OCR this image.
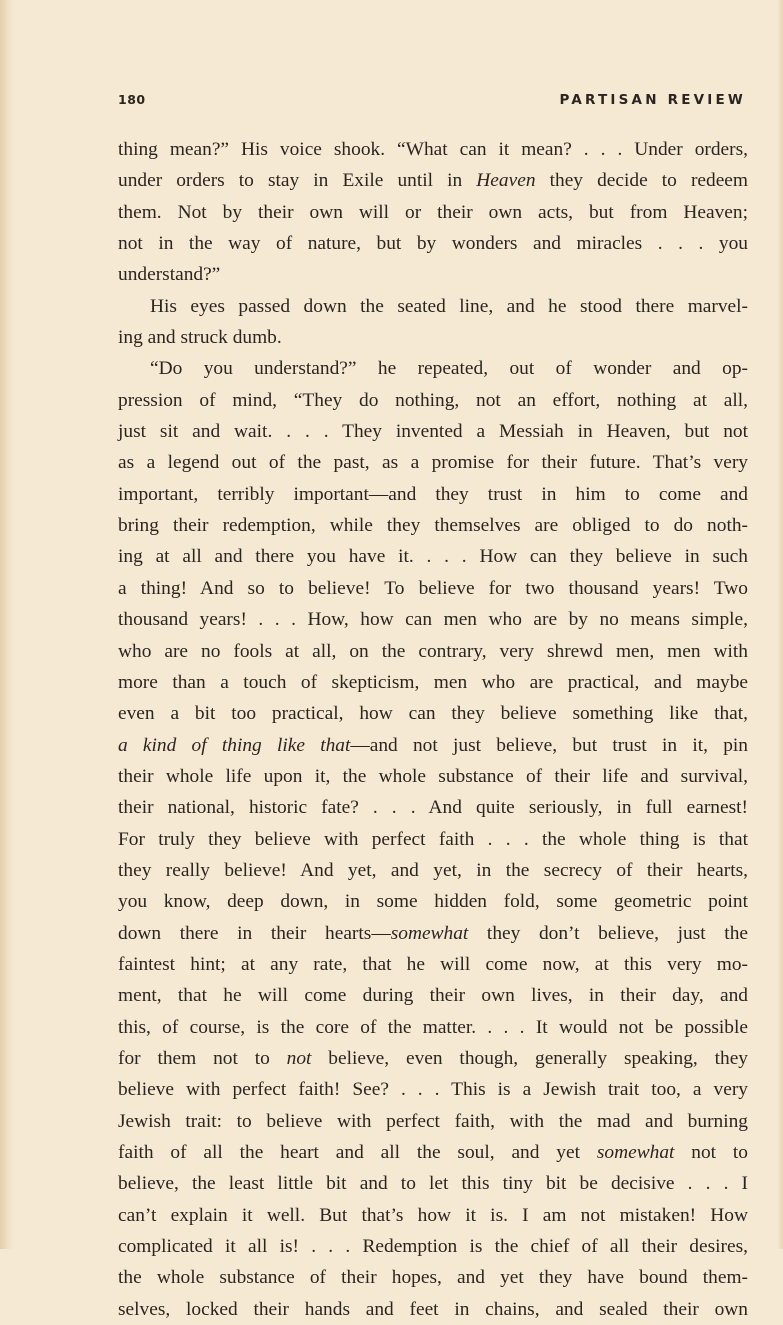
180	PARTISAN REVIEW
thing mean?” His voice shook. “What can it mean? . . . Under orders,
under orders to stay in Exile until in Heaven they decide to redeem
them. Not by their own will or their own acts, but from Heaven;
not in the way of nature, but by wonders and miracles . . . you
understand?”
His eyes passed down the seated line, and he stood there marvel-
ing and struck dumb.
“Do you understand?” he repeated, out of wonder and op-
pression of mind, “They do nothing, not an effort, nothing at all,
just sit and wait. . . . They invented a Messiah in Heaven, but not
as a legend out of the past, as a promise for their future. That’s very
important, terribly important—and they trust in him to come and
bring their redemption, while they themselves are obliged to do noth-
ing at all and there you have it. . . . How can they believe in such
a thing! And so to believe! To believe for two thousand years! Two
thousand years! . . . How, how can men who are by no means simple,
who are no fools at all, on the contrary, very shrewd men, men with
more than a touch of skepticism, men who are practical, and maybe
even a bit too practical, how can they believe something like that,
a kind of thing like that—and not just believe, but trust in it, pin
their whole life upon it, the whole substance of their life and survival,
their national, historic fate? . . . And quite seriously, in full earnest!
For truly they believe with perfect faith . . . the whole thing is that
they really believe! And yet, and yet, in the secrecy of their hearts,
you know, deep down, in some hidden fold, some geometric point
down there in their hearts—somewhat they don’t believe, just the
faintest hint; at any rate, that he will come now, at this very mo-
ment, that he will come during their own lives, in their day, and
this, of course, is the core of the matter. . . . It would not be possible
for them not to not believe, even though, generally speaking, they
believe with perfect faith! See? . . . This is a Jewish trait too, a very
Jewish trait: to believe with perfect faith, with the mad and burning
faith of all the heart and all the soul, and yet somewhat not to
believe, the least little bit and to let this tiny bit be decisive . . . I
can’t explain it well. But that’s how it is. I am not mistaken! How
complicated it all is! . . . Redemption is the chief of all their desires,
the whole substance of their hopes, and yet they have bound them-
selves, locked their hands and feet in chains, and sealed their own
